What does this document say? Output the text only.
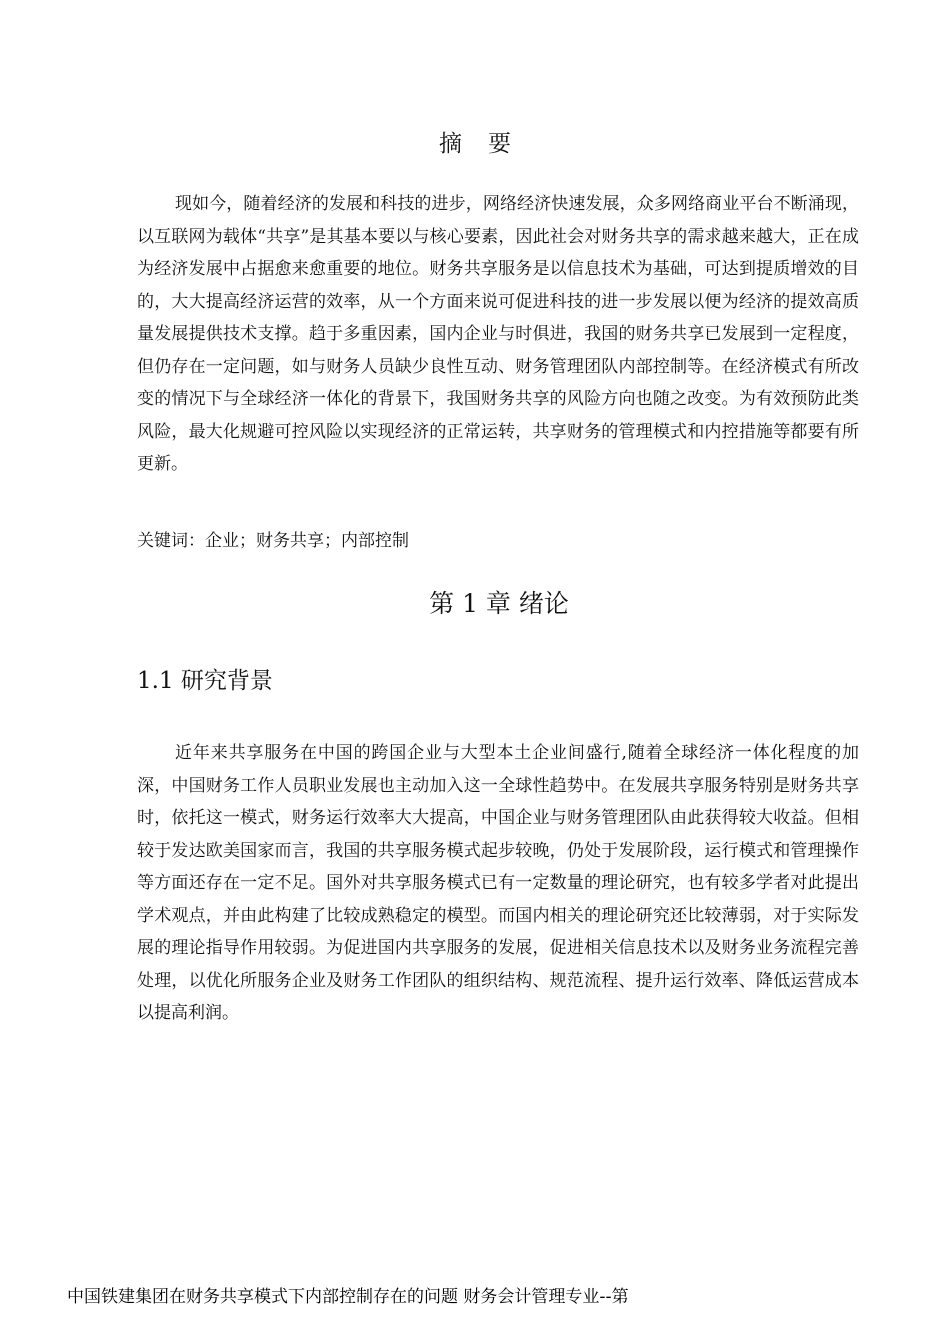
摘要

现如今，随着经济的发展和科技的进步，网络经济快速发展，众多网络商业平台不断涌现，以互联网为载体“共享”是其基本要以与核心要素，因此社会对财务共享的需求越来越大，正在成为经济发展中占据愈来愈重要的地位。财务共享服务是以信息技术为基础，可达到提质增效的目的，大大提高经济运营的效率，从一个方面来说可促进科技的进一步发展以便为经济的提效高质量发展提供技术支撑。趋于多重因素，国内企业与时俱进，我国的财务共享已发展到一定程度，但仍存在一定问题，如与财务人员缺少良性互动、财务管理团队内部控制等。在经济模式有所改变的情况下与全球经济一体化的背景下，我国财务共享的风险方向也随之改变。为有效预防此类风险，最大化规避可控风险以实现经济的正常运转，共享财务的管理模式和内控措施等都要有所更新。

关键词：企业；财务共享；内部控制
第 1 章 绪论
1.1 研究背景

近年来共享服务在中国的跨国企业与大型本土企业间盛行,随着全球经济一体化程度的加深，中国财务工作人员职业发展也主动加入这一全球性趋势中。在发展共享服务特别是财务共享时，依托这一模式，财务运行效率大大提高，中国企业与财务管理团队由此获得较大收益。但相较于发达欧美国家而言，我国的共享服务模式起步较晚，仍处于发展阶段，运行模式和管理操作等方面还存在一定不足。国外对共享服务模式已有一定数量的理论研究，也有较多学者对此提出学术观点，并由此构建了比较成熟稳定的模型。而国内相关的理论研究还比较薄弱，对于实际发展的理论指导作用较弱。为促进国内共享服务的发展，促进相关信息技术以及财务业务流程完善处理，以优化所服务企业及财务工作团队的组织结构、规范流程、提升运行效率、降低运营成本以提高利润。

中国铁建集团在财务共享模式下内部控制存在的问题 财务会计管理专业--第
